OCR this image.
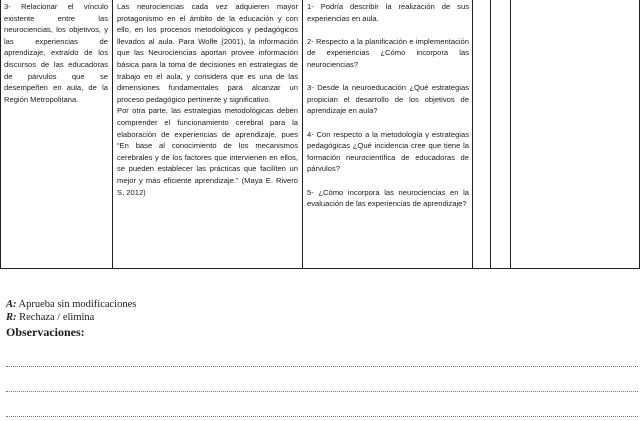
3- Relacionar el vínculo existente entre las neurociencias, los objetivos, y las experiencias de aprendizaje, extraído de los discursos de las educadoras de párvulos que se desempeñen en aula, de la Región Metropolitana.

Las neurociencias cada vez adquieren mayor protagonismo en el ámbito de la educación y con ello, en los procesos metodológicos y pedagógicos llevados al aula. Para Wolfe (2001), la información que las Neurociencias aportan provee información básica para la toma de decisiones en estrategias de trabajo en el aula, y considera que es una de las dimensiones fundamentales para alcanzar un proceso pedagógico pertinente y significativo.

Por otra parte, las estrategias metodológicas deben comprender el funcionamiento cerebral para la elaboración de experiencias de aprendizaje, pues “En base al conocimiento de los mecanismos cerebrales y de los factores que intervienen en ellos, se pueden establecer las prácticas que faciliten un mejor y más eficiente aprendizaje.” (Maya E. Rivero S, 2012)

1- Podría describir la realización de sus experiencias en aula.

2- Respecto a la planificación e implementación de experiencias ¿Cómo incorpora las neurociencias?

3- Desde la neuroeducación ¿Qué estrategias propician el desarrollo de los objetivos de aprendizaje en aula?

4- Con respecto a la metodología y estrategias pedagógicas ¿Qué incidencia cree que tiene la formación neurocientífica de educadoras de párvulos?

5- ¿Cómo incorpora las neurociencias en la evaluación de las experiencias de aprendizaje?

A: Aprueba sin modificaciones
R: Rechaza / elimina
Observaciones:
